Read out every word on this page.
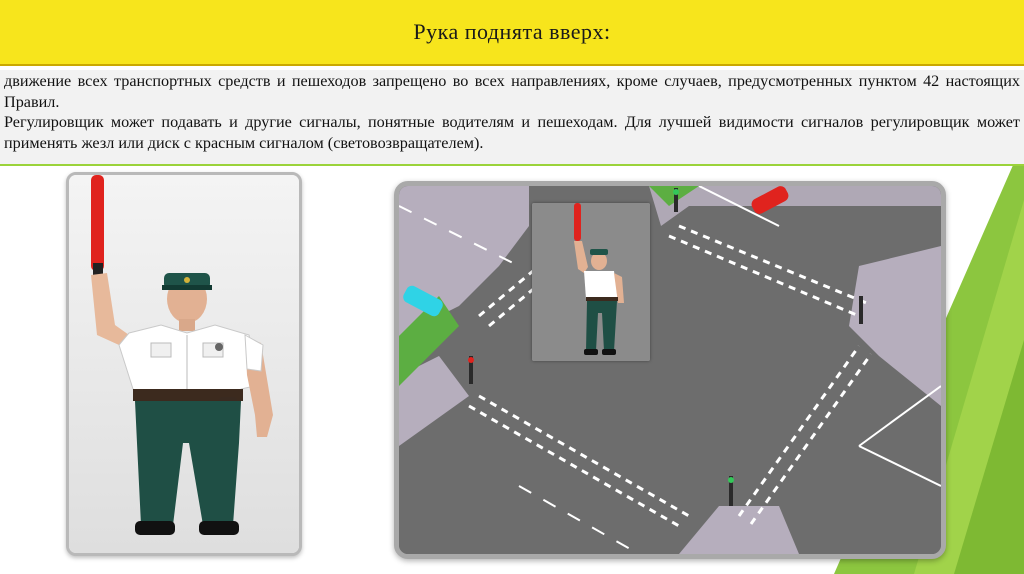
Рука поднята вверх:

движение всех транспортных средств и пешеходов запрещено во всех направлениях, кроме случаев, предусмотренных пунктом 42 настоящих Правил.

Регулировщик может подавать и другие сигналы, понятные водителям и пешеходам. Для лучшей видимости сигналов регулировщик может применять жезл или диск с красным сигналом (световозвращателем).
